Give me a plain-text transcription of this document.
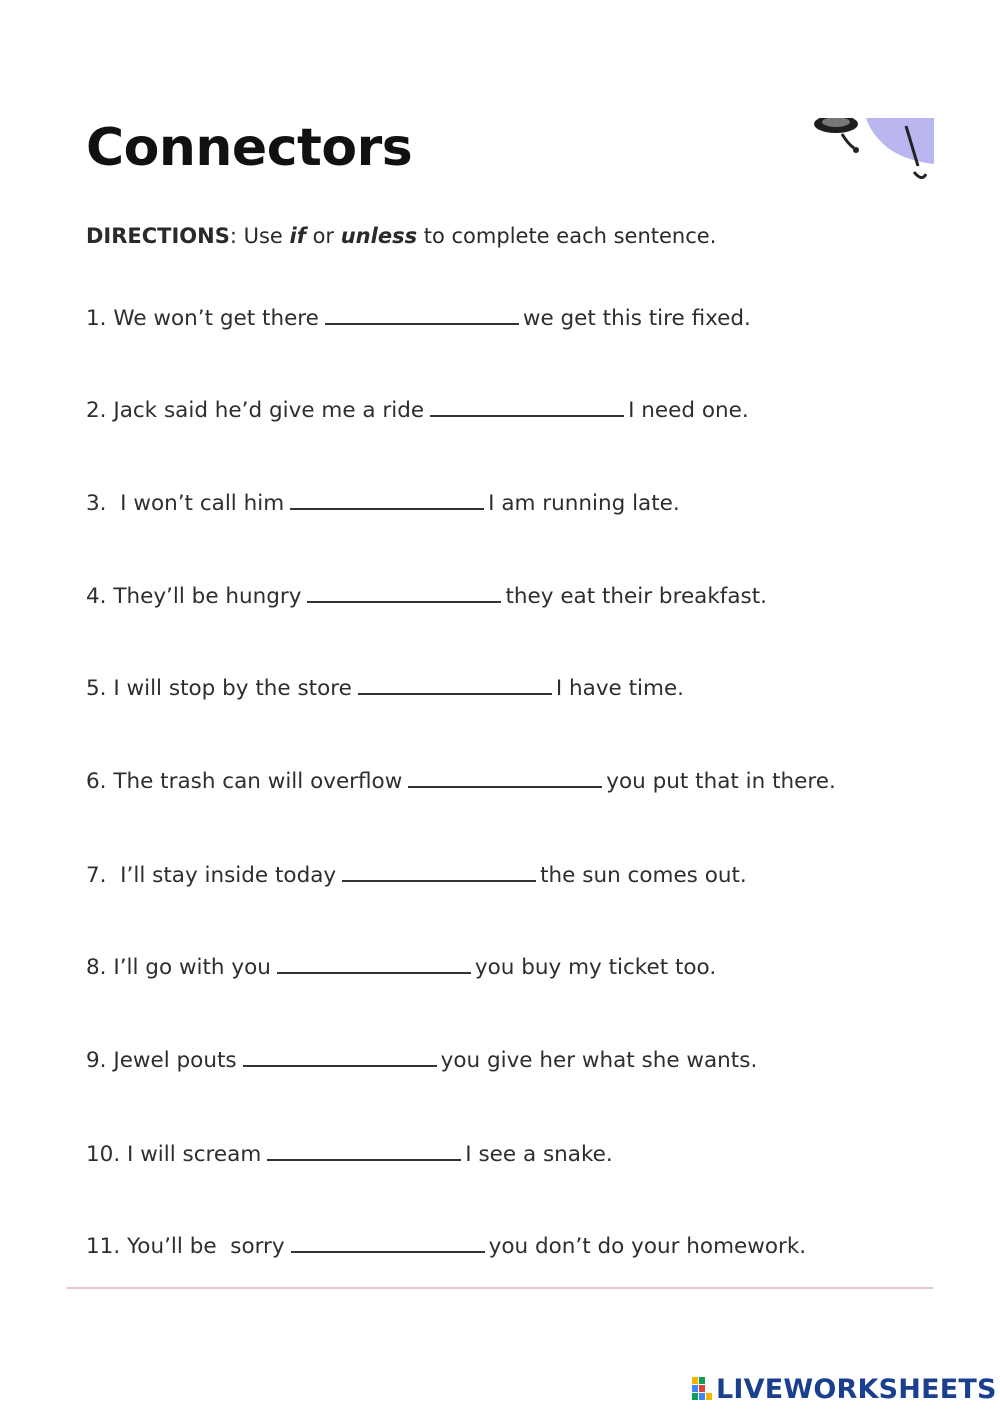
Connectors
DIRECTIONS: Use if or unless to complete each sentence.
1. We won’t get there	we get this tire fixed.
2. Jack said he’d give me a ride	I need one.
3.  I won’t call him	I am running late.
4. They’ll be hungry	they eat their breakfast.
5. I will stop by the store	I have time.
6. The trash can will overflow	you put that in there.
7.  I’ll stay inside today	the sun comes out.
8. I’ll go with you	you buy my ticket too.
9. Jewel pouts	you give her what she wants.
10. I will scream	I see a snake.
11. You’ll be  sorry	you don’t do your homework.
LIVEWORKSHEETS
